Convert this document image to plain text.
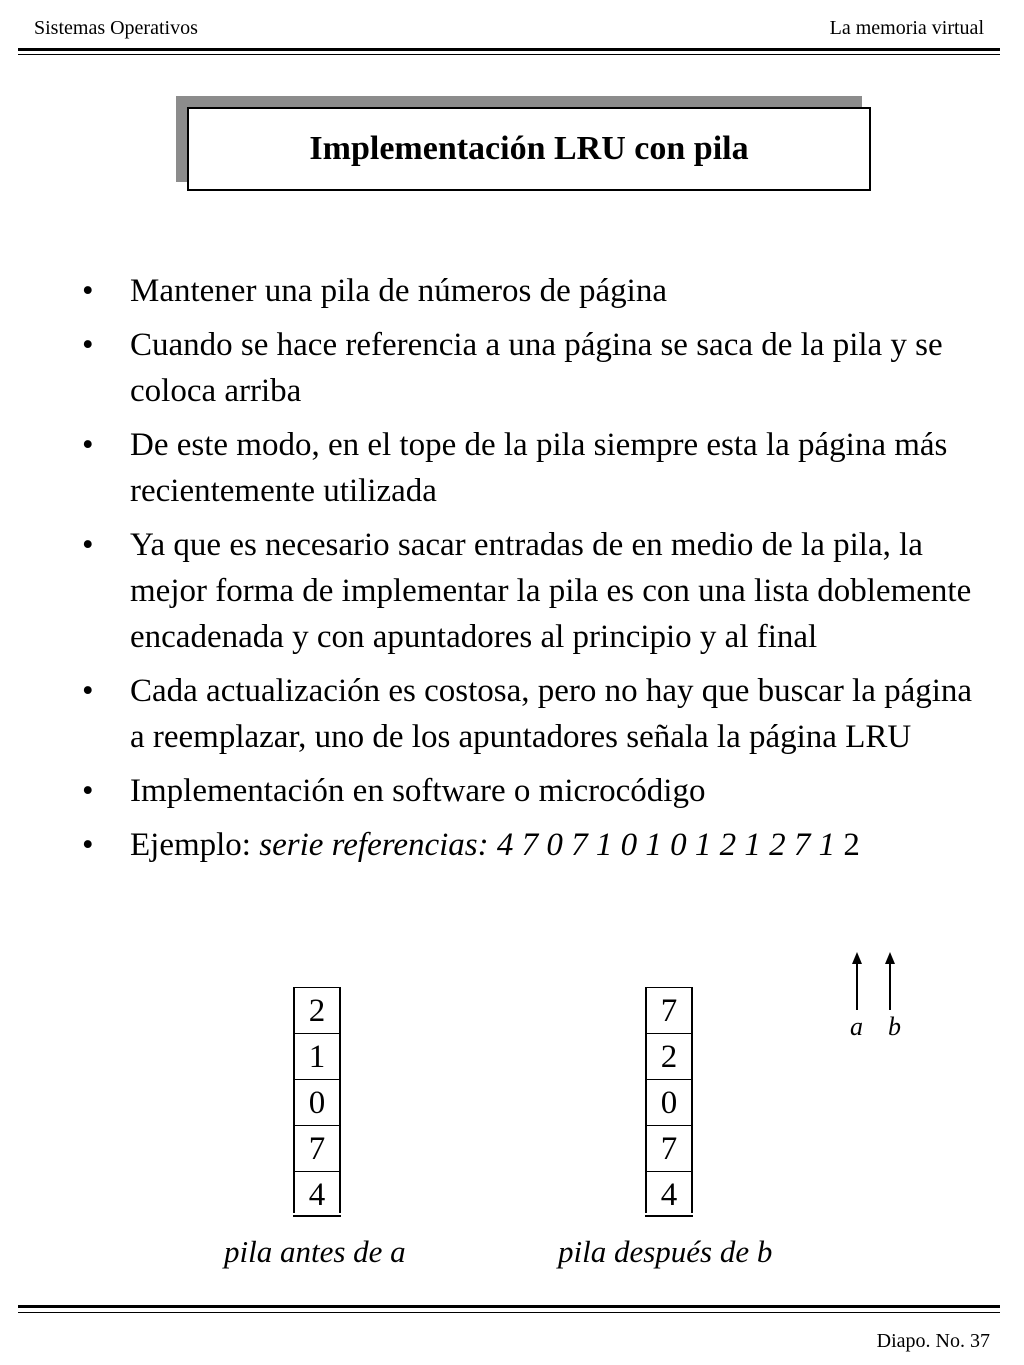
Sistemas Operativos	La memoria virtual
Implementación LRU con pila
• Mantener una pila de números de página
• Cuando se hace referencia a una página se saca de la pila y se coloca arriba
• De este modo, en el tope de la pila siempre esta la página más recientemente utilizada
• Ya que es necesario sacar entradas de en medio de la pila, la mejor forma de implementar la pila es con una lista doblemente encadenada y con apuntadores al principio y al final
• Cada actualización es costosa, pero no hay que buscar la página a reemplazar, uno de los apuntadores señala la página LRU
• Implementación en software o microcódigo
• Ejemplo: serie referencias: 4 7 0 7 1 0 1 0 1 2 1 2 7 1 2
a b
2
1
0
7
4
pila antes de a
7
2
0
7
4
pila después de b
Diapo. No. 37
